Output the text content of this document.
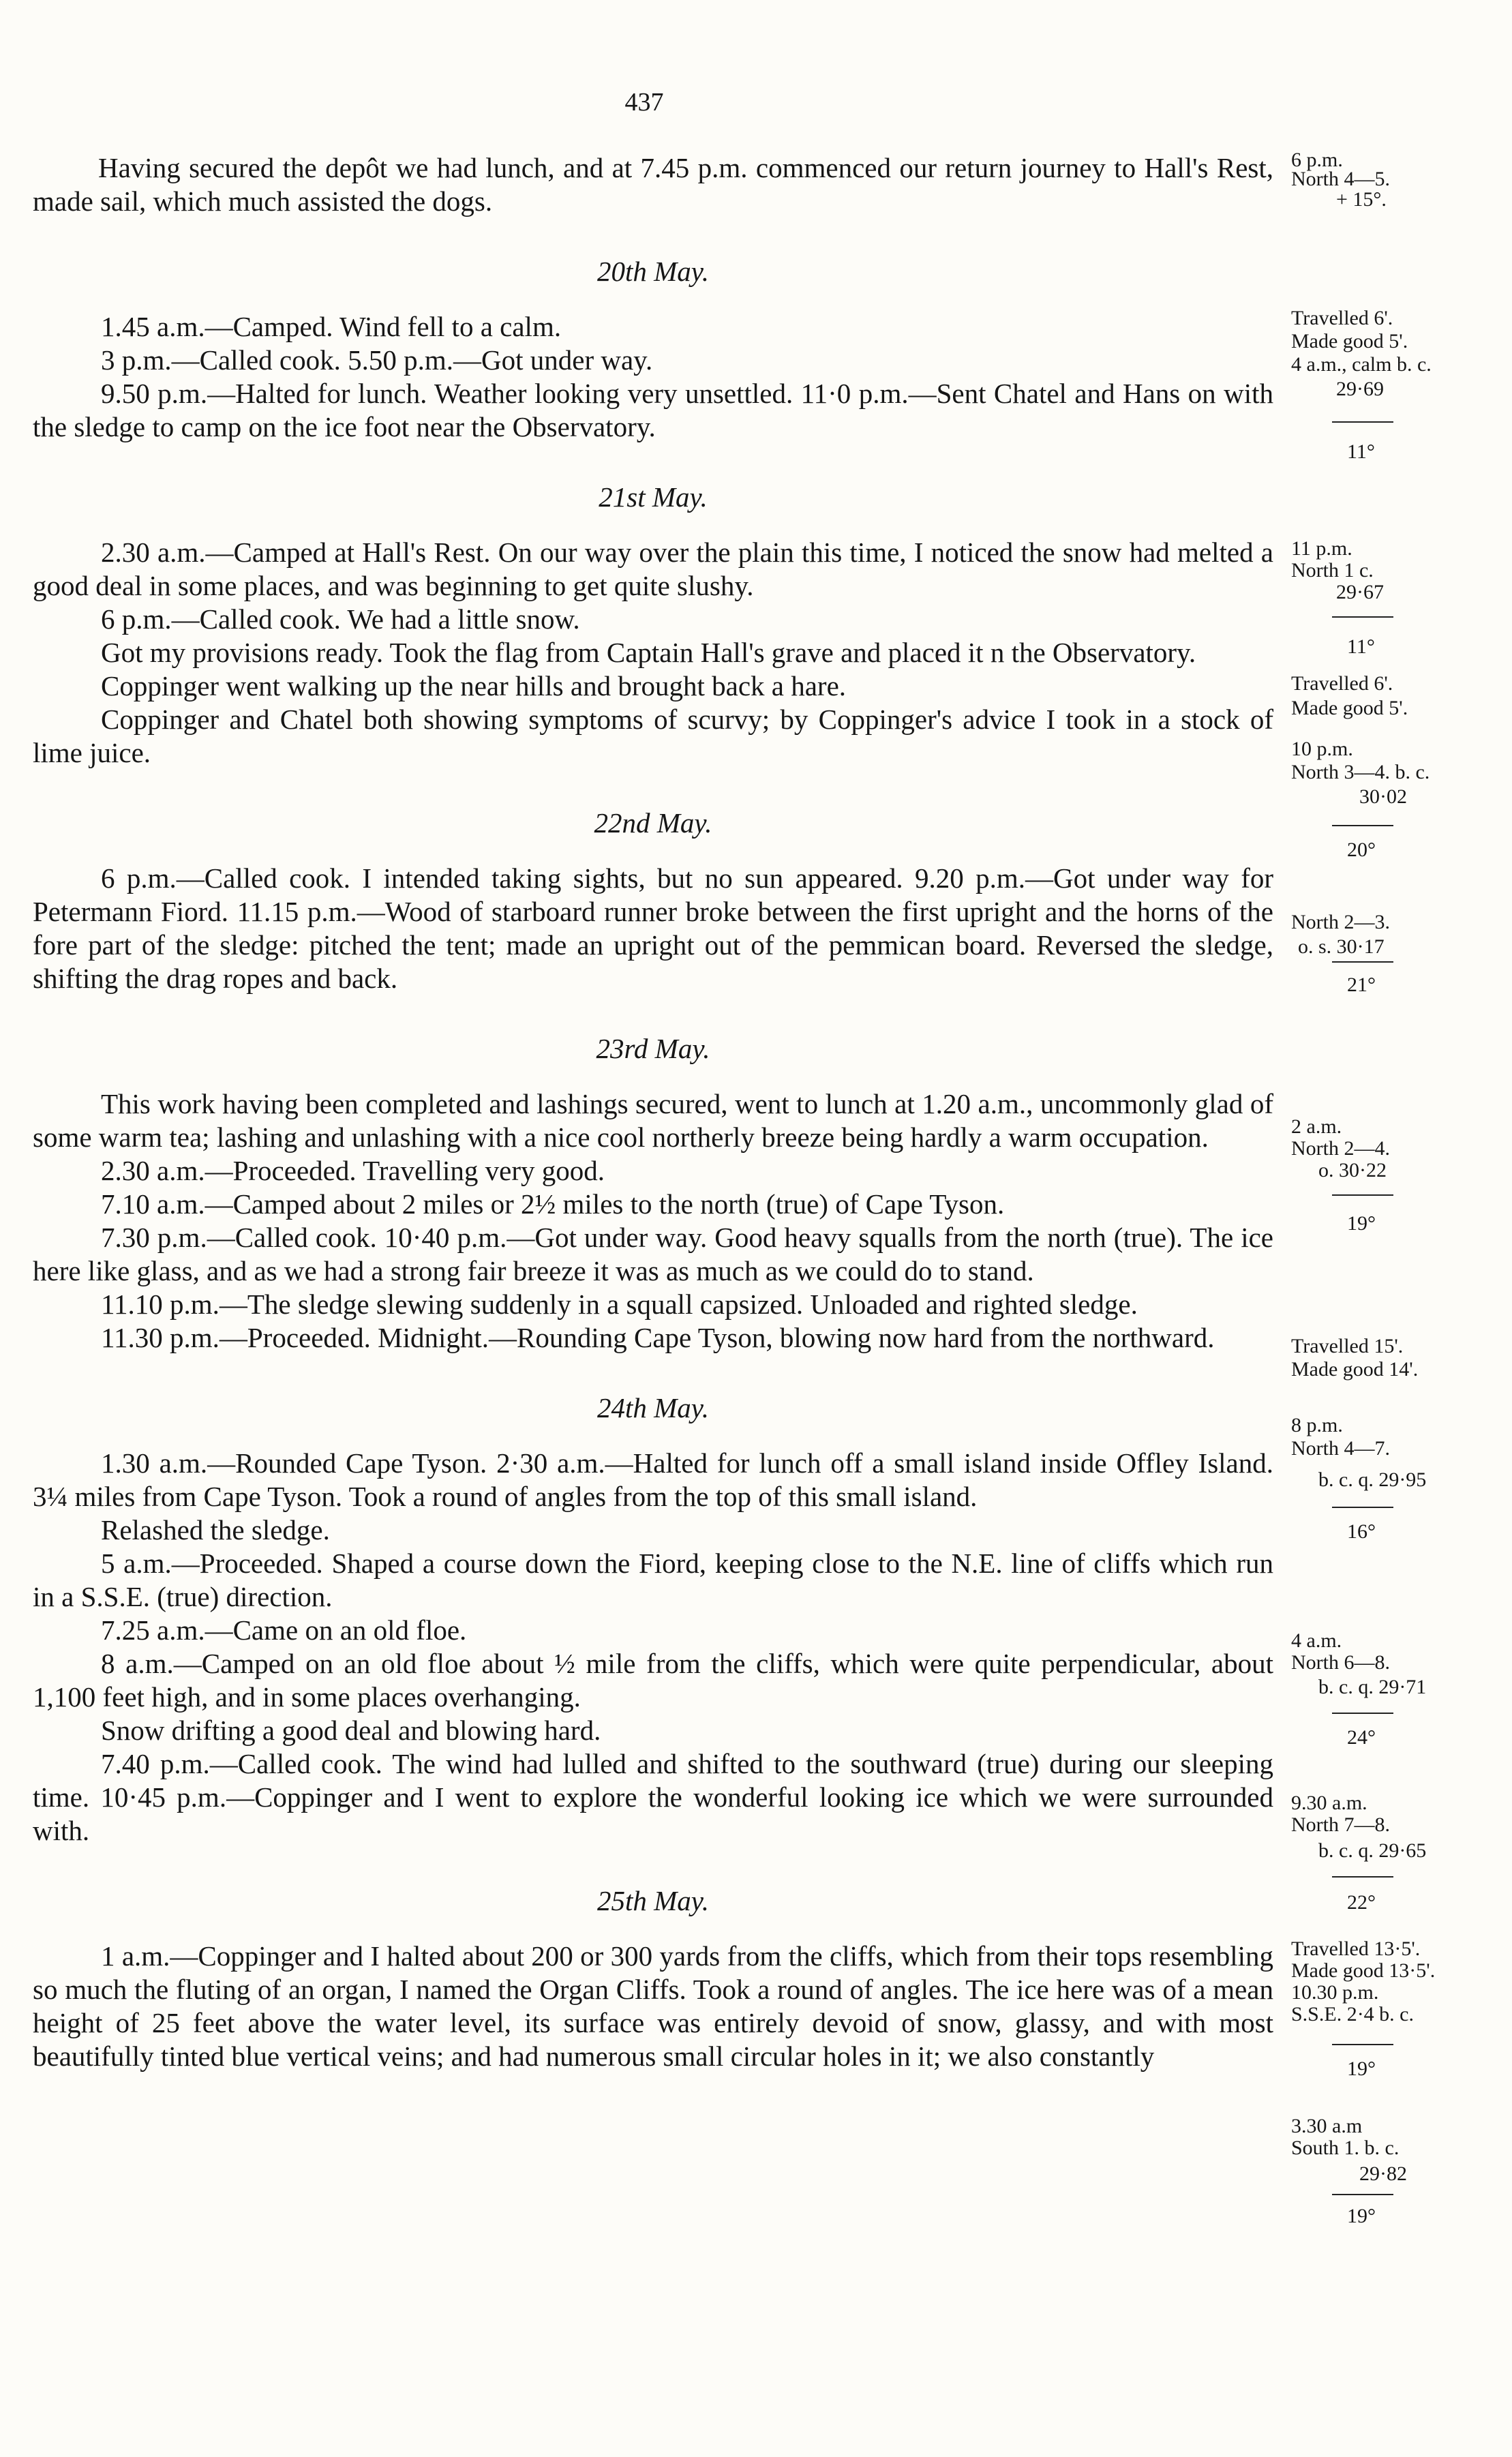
437

Having secured the depôt we had lunch, and at 7.45 p.m. commenced our return journey to Hall's Rest, made sail, which much assisted the dogs.

20th May.

1.45 a.m.—Camped. Wind fell to a calm.

3 p.m.—Called cook. 5.50 p.m.—Got under way.

9.50 p.m.—Halted for lunch. Weather looking very unsettled. 11·0 p.m.—Sent Chatel and Hans on with the sledge to camp on the ice foot near the Observatory.

21st May.

2.30 a.m.—Camped at Hall's Rest. On our way over the plain this time, I noticed the snow had melted a good deal in some places, and was beginning to get quite slushy.

6 p.m.—Called cook. We had a little snow.

Got my provisions ready. Took the flag from Captain Hall's grave and placed it n the Observatory.

Coppinger went walking up the near hills and brought back a hare.

Coppinger and Chatel both showing symptoms of scurvy; by Coppinger's advice I took in a stock of lime juice.

22nd May.

6 p.m.—Called cook. I intended taking sights, but no sun appeared. 9.20 p.m.—Got under way for Petermann Fiord. 11.15 p.m.—Wood of starboard runner broke between the first upright and the horns of the fore part of the sledge: pitched the tent; made an upright out of the pemmican board. Reversed the sledge, shifting the drag ropes and back.

23rd May.

This work having been completed and lashings secured, went to lunch at 1.20 a.m., uncommonly glad of some warm tea; lashing and unlashing with a nice cool northerly breeze being hardly a warm occupation.

2.30 a.m.—Proceeded. Travelling very good.

7.10 a.m.—Camped about 2 miles or 2½ miles to the north (true) of Cape Tyson.

7.30 p.m.—Called cook. 10·40 p.m.—Got under way. Good heavy squalls from the north (true). The ice here like glass, and as we had a strong fair breeze it was as much as we could do to stand.

11.10 p.m.—The sledge slewing suddenly in a squall capsized. Unloaded and righted sledge.

11.30 p.m.—Proceeded. Midnight.—Rounding Cape Tyson, blowing now hard from the northward.

24th May.

1.30 a.m.—Rounded Cape Tyson. 2·30 a.m.—Halted for lunch off a small island inside Offley Island. 3¼ miles from Cape Tyson. Took a round of angles from the top of this small island.

Relashed the sledge.

5 a.m.—Proceeded. Shaped a course down the Fiord, keeping close to the N.E. line of cliffs which run in a S.S.E. (true) direction.

7.25 a.m.—Came on an old floe.

8 a.m.—Camped on an old floe about ½ mile from the cliffs, which were quite perpendicular, about 1,100 feet high, and in some places overhanging.

Snow drifting a good deal and blowing hard.

7.40 p.m.—Called cook. The wind had lulled and shifted to the southward (true) during our sleeping time. 10·45 p.m.—Coppinger and I went to explore the wonderful looking ice which we were surrounded with.

25th May.

1 a.m.—Coppinger and I halted about 200 or 300 yards from the cliffs, which from their tops resembling so much the fluting of an organ, I named the Organ Cliffs. Took a round of angles. The ice here was of a mean height of 25 feet above the water level, its surface was entirely devoid of snow, glassy, and with most beautifully tinted blue vertical veins; and had numerous small circular holes in it; we also constantly

6 p.m.
North 4—5.
+ 15°.
Travelled 6'.
Made good 5'.
4 a.m., calm b. c.
29·69
11°
11 p.m.
North 1 c.
29·67
11°
Travelled 6'.
Made good 5'.
10 p.m.
North 3—4. b. c.
30·02
20°
North 2—3.
o. s. 30·17
21°
2 a.m.
North 2—4.
o. 30·22
19°
Travelled 15'.
Made good 14'.
8 p.m.
North 4—7.
b. c. q. 29·95
16°
4 a.m.
North 6—8.
b. c. q. 29·71
24°
9.30 a.m.
North 7—8.
b. c. q. 29·65
22°
Travelled 13·5'.
Made good 13·5'.
10.30 p.m.
S.S.E. 2·4 b. c.
19°
3.30 a.m
South 1. b. c.
29·82
19°
